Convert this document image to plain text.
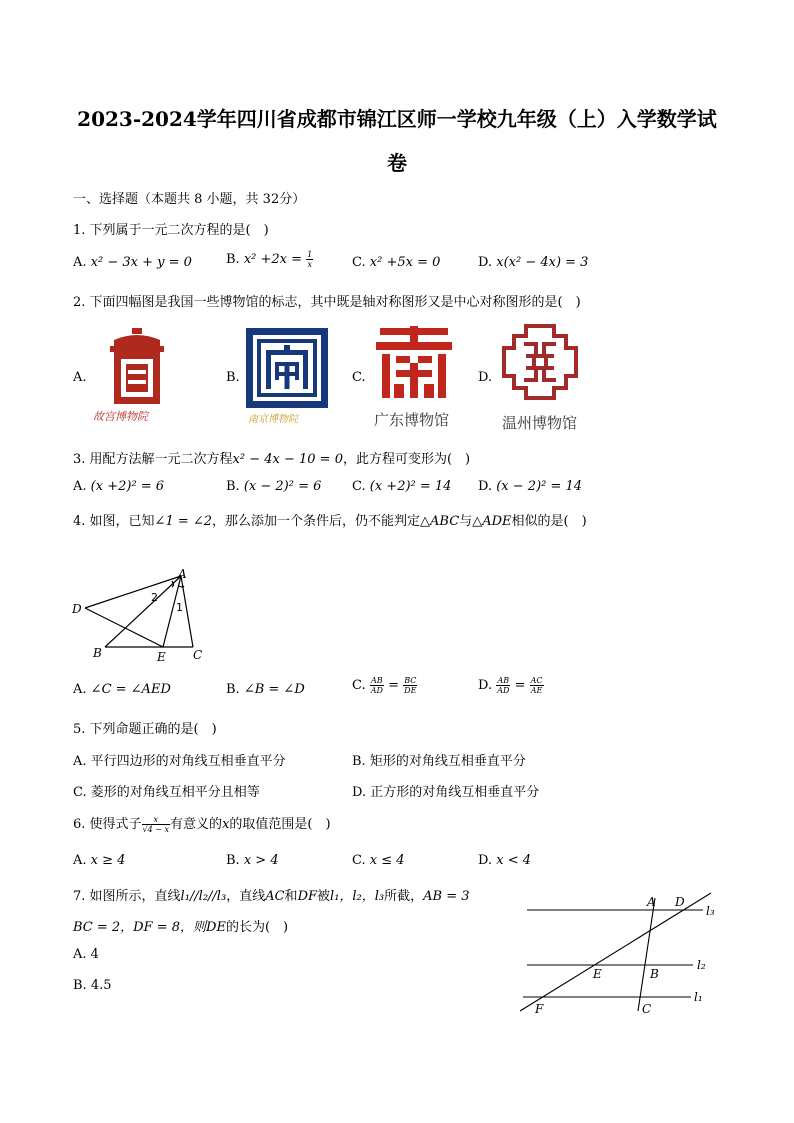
2023-2024学年四川省成都市锦江区师一学校九年级（上）入学数学试
卷
一、选择题（本题共 8 小题，共 32分）
1. 下列属于一元二次方程的是(　)
A. x² − 3x + y = 0	B. $x^2 +2x = \frac{1}{x}$	C. x² +5x = 0	D. x(x² − 4x) = 3
2. 下面四幅图是我国一些博物馆的标志，其中既是轴对称图形又是中心对称图形的是(　)
A.
故宫博物院
B.
南京博物院
C.
广东博物馆
D.
温州博物馆
3. 用配方法解一元二次方程x² − 4x − 10 = 0，此方程可变形为(　)
A. (x +2)² = 6	B. (x − 2)² = 6 C. (x +2)² = 14 D. (x − 2)² = 14
4. 如图，已知∠1 = ∠2，那么添加一个条件后，仍不能判定△ABC与△ADE相似的是(　)
A
D
B	E C
2
1
A. ∠C = ∠AED	B. ∠B = ∠D	C. $\frac{AB}{AD} = \frac{BC}{DE}$	D. $\frac{AB}{AD} = \frac{AC}{AE}$
5. 下列命题正确的是(　)
A. 平行四边形的对角线互相垂直平分	B. 矩形的对角线互相垂直平分
C. 菱形的对角线互相平分且相等	D. 正方形的对角线互相垂直平分
6. 使得式子 $\frac{x}{√4 - x}$ 有意义的x的取值范围是(　)
A. x ≥ 4	B. x > 4	C. x ≤ 4	D. x < 4
7. 如图所示，直线l₁//l₂//l₃，直线AC和DF被l₁，l₂，l₃所截，AB = 3
BC = 2，DF = 8，则DE的长为(　)
A. 4
B. 4.5
A D
E	B
F	C
l₃
l₂
l₁
